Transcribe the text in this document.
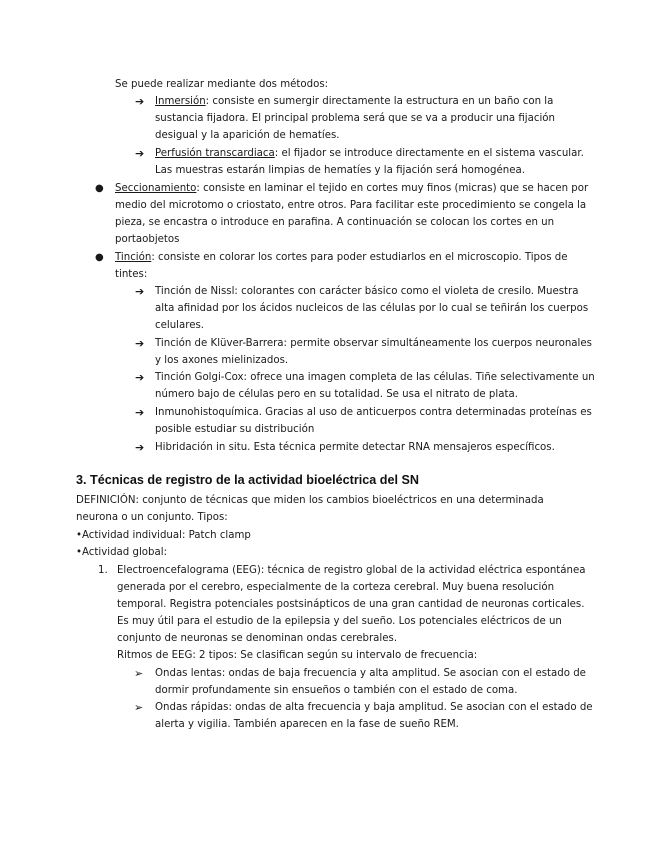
Se puede realizar mediante dos métodos:
➔ Inmersión: consiste en sumergir directamente la estructura en un baño con la
sustancia fijadora. El principal problema será que se va a producir una fijación
desigual y la aparición de hematíes.
➔ Perfusión transcardiaca: el fijador se introduce directamente en el sistema vascular.
Las muestras estarán limpias de hematíes y la fijación será homogénea.
● Seccionamiento: consiste en laminar el tejido en cortes muy finos (micras) que se hacen por
medio del microtomo o criostato, entre otros. Para facilitar este procedimiento se congela la
pieza, se encastra o introduce en parafina. A continuación se colocan los cortes en un
portaobjetos
● Tinción: consiste en colorar los cortes para poder estudiarlos en el microscopio. Tipos de
tintes:
➔ Tinción de Nissl: colorantes con carácter básico como el violeta de cresilo. Muestra
alta afinidad por los ácidos nucleicos de las células por lo cual se teñirán los cuerpos
celulares.
➔ Tinción de Klüver-Barrera: permite observar simultáneamente los cuerpos neuronales
y los axones mielinizados.
➔ Tinción Golgi-Cox: ofrece una imagen completa de las células. Tiñe selectivamente un
número bajo de células pero en su totalidad. Se usa el nitrato de plata.
➔ Inmunohistoquímica. Gracias al uso de anticuerpos contra determinadas proteínas es
posible estudiar su distribución
➔ Hibridación in situ. Esta técnica permite detectar RNA mensajeros específicos.
3. Técnicas de registro de la actividad bioeléctrica del SN
DEFINICIÓN: conjunto de técnicas que miden los cambios bioeléctricos en una determinada
neurona o un conjunto. Tipos:
•Actividad individual: Patch clamp
•Actividad global:
1. Electroencefalograma (EEG): técnica de registro global de la actividad eléctrica espontánea
generada por el cerebro, especialmente de la corteza cerebral. Muy buena resolución
temporal. Registra potenciales postsinápticos de una gran cantidad de neuronas corticales.
Es muy útil para el estudio de la epilepsia y del sueño. Los potenciales eléctricos de un
conjunto de neuronas se denominan ondas cerebrales.
Ritmos de EEG: 2 tipos: Se clasifican según su intervalo de frecuencia:
➢ Ondas lentas: ondas de baja frecuencia y alta amplitud. Se asocian con el estado de
dormir profundamente sin ensueños o también con el estado de coma.
➢ Ondas rápidas: ondas de alta frecuencia y baja amplitud. Se asocian con el estado de
alerta y vigilia. También aparecen en la fase de sueño REM.
